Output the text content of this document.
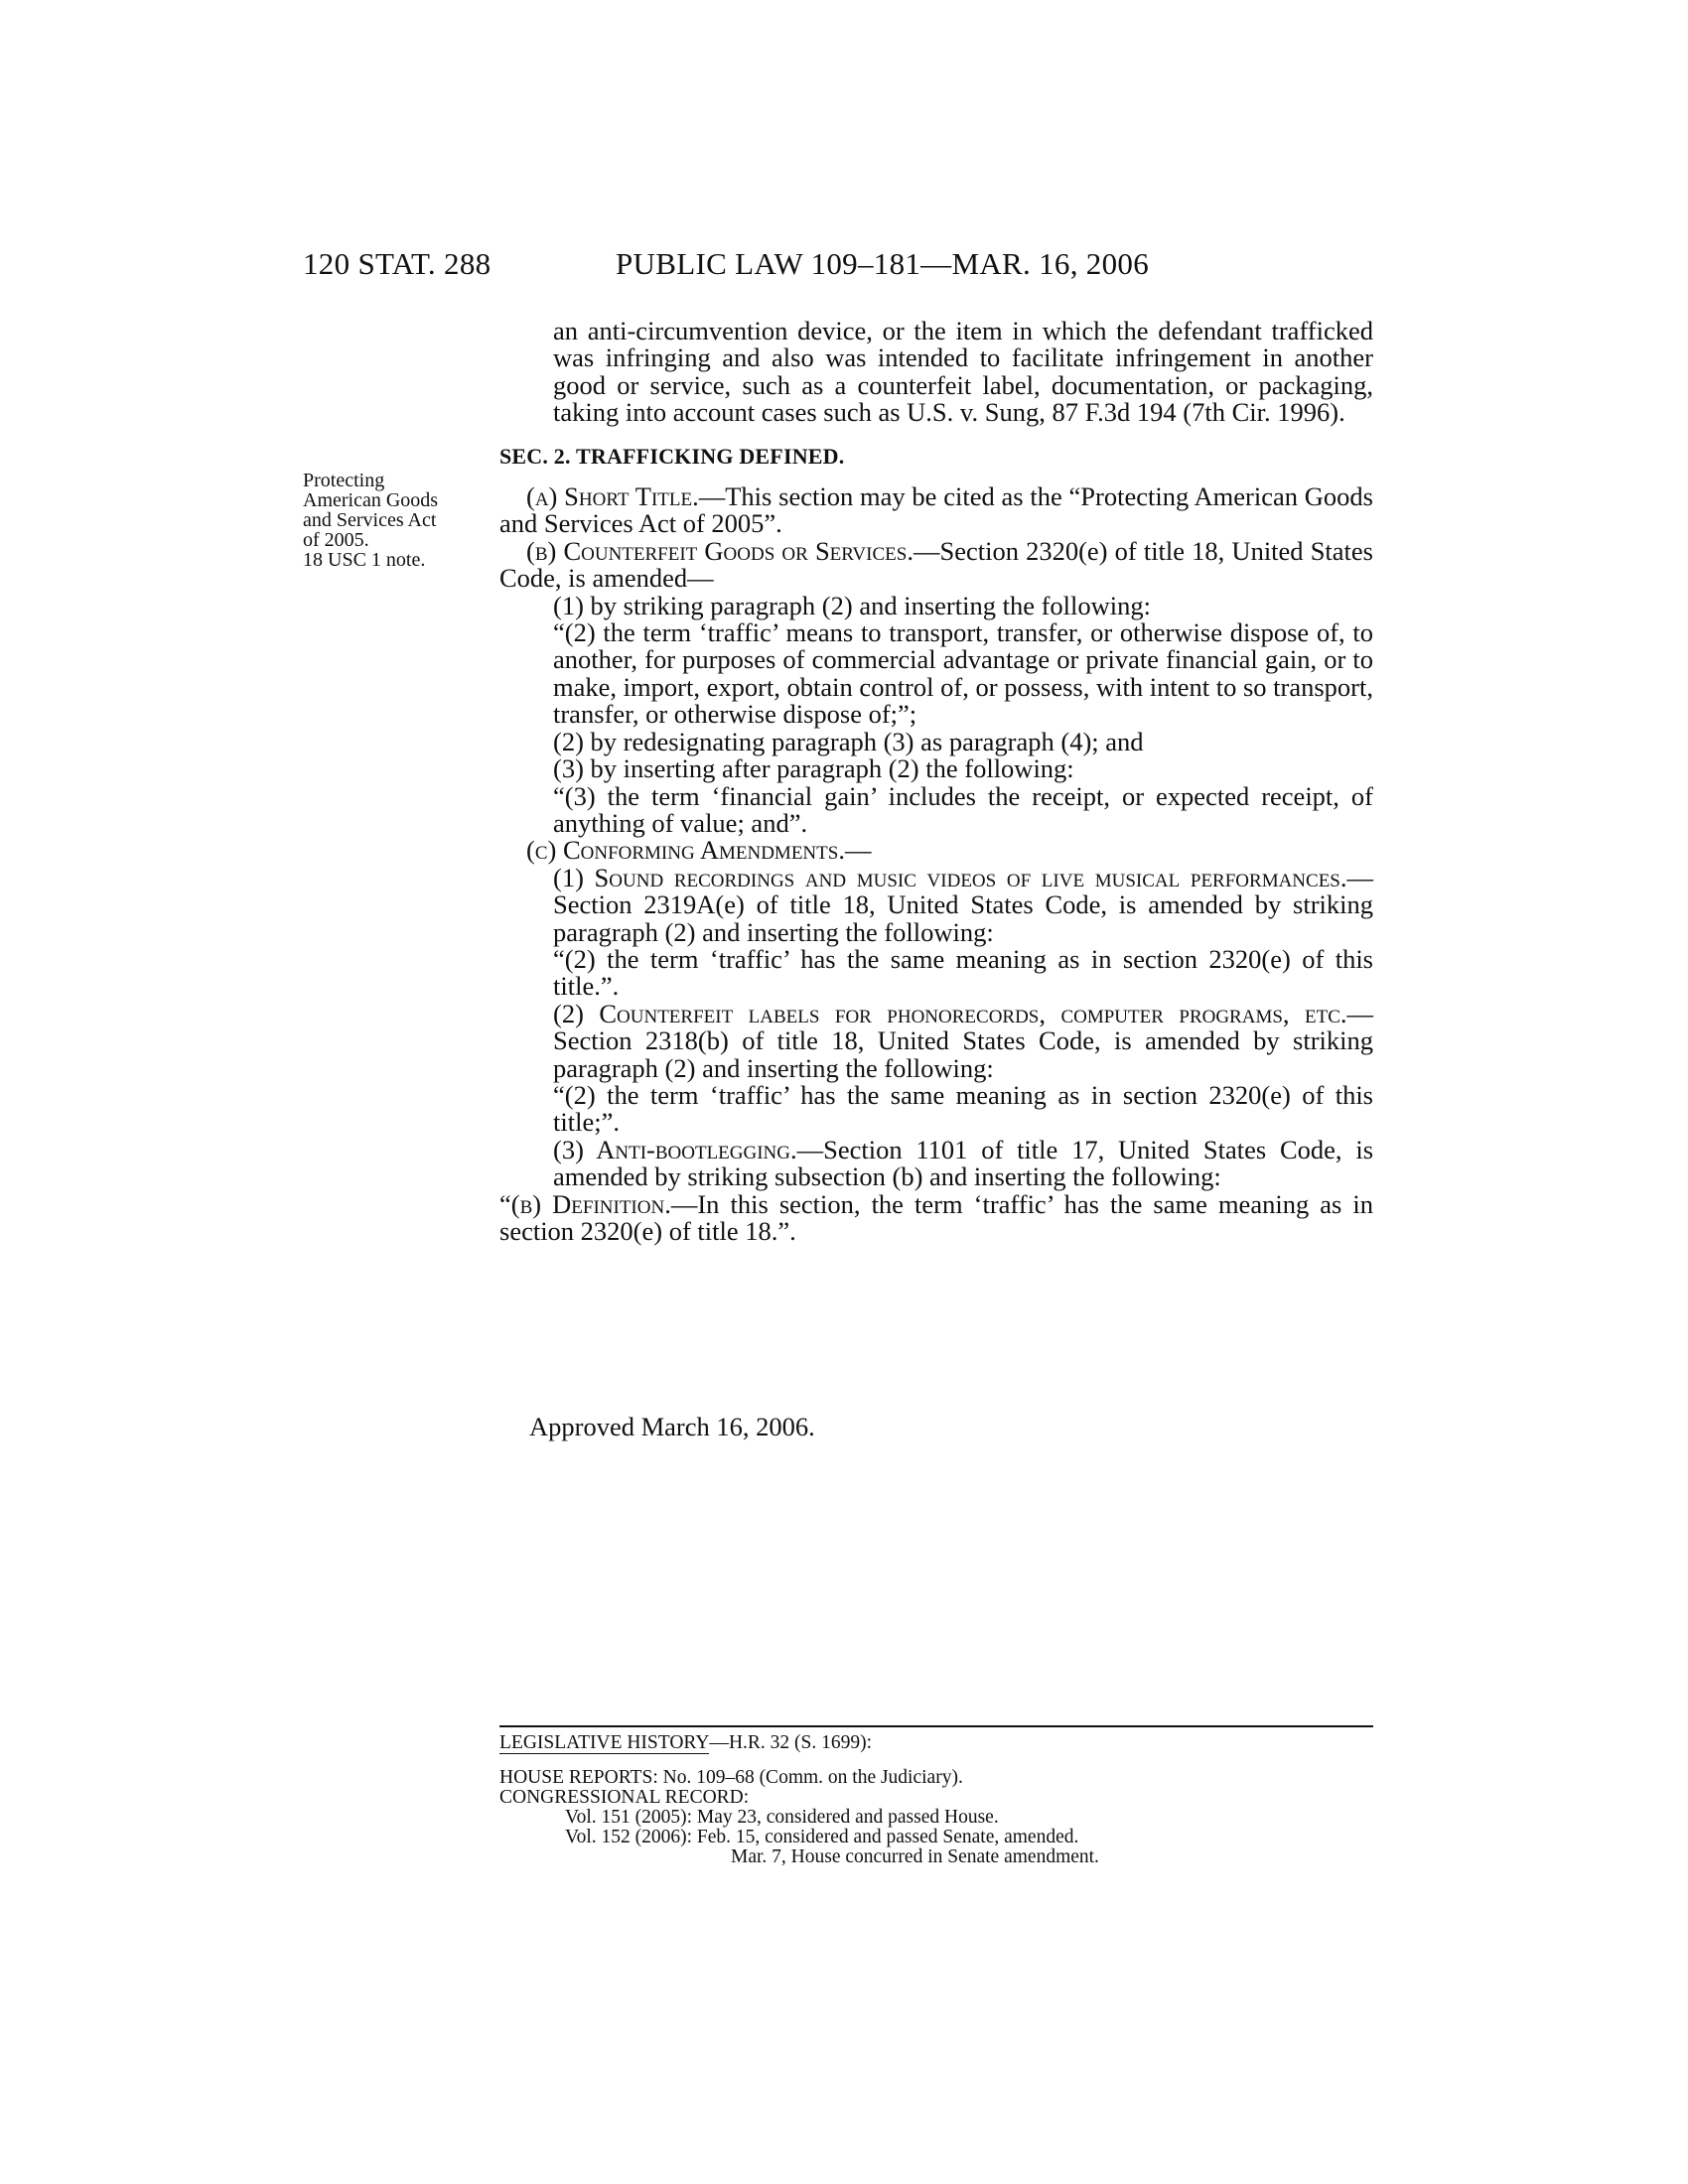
120 STAT. 288	PUBLIC LAW 109–181—MAR. 16, 2006
Protecting
American Goods
and Services Act
of 2005.
18 USC 1 note.

an anti-circumvention device, or the item in which the defendant trafficked was infringing and also was intended to facilitate infringement in another good or service, such as a counterfeit label, documentation, or packaging, taking into account cases such as U.S. v. Sung, 87 F.3d 194 (7th Cir. 1996).

SEC. 2. TRAFFICKING DEFINED.

(a) Short Title.—This section may be cited as the “Protecting American Goods and Services Act of 2005”.

(b) Counterfeit Goods or Services.—Section 2320(e) of title 18, United States Code, is amended—

(1) by striking paragraph (2) and inserting the following:

“(2) the term ‘traffic’ means to transport, transfer, or otherwise dispose of, to another, for purposes of commercial advantage or private financial gain, or to make, import, export, obtain control of, or possess, with intent to so transport, transfer, or otherwise dispose of;”;

(2) by redesignating paragraph (3) as paragraph (4); and

(3) by inserting after paragraph (2) the following:

“(3) the term ‘financial gain’ includes the receipt, or expected receipt, of anything of value; and”.

(c) Conforming Amendments.—

(1) Sound recordings and music videos of live musical performances.—Section 2319A(e) of title 18, United States Code, is amended by striking paragraph (2) and inserting the following:

“(2) the term ‘traffic’ has the same meaning as in section 2320(e) of this title.”.

(2) Counterfeit labels for phonorecords, computer programs, etc.—Section 2318(b) of title 18, United States Code, is amended by striking paragraph (2) and inserting the following:

“(2) the term ‘traffic’ has the same meaning as in section 2320(e) of this title;”.

(3) Anti-bootlegging.—Section 1101 of title 17, United States Code, is amended by striking subsection (b) and inserting the following:

“(b) Definition.—In this section, the term ‘traffic’ has the same meaning as in section 2320(e) of title 18.”.

Approved March 16, 2006.
LEGISLATIVE HISTORY—H.R. 32 (S. 1699):
HOUSE REPORTS: No. 109–68 (Comm. on the Judiciary).
CONGRESSIONAL RECORD:
Vol. 151 (2005): May 23, considered and passed House.
Vol. 152 (2006): Feb. 15, considered and passed Senate, amended.
Mar. 7, House concurred in Senate amendment.
